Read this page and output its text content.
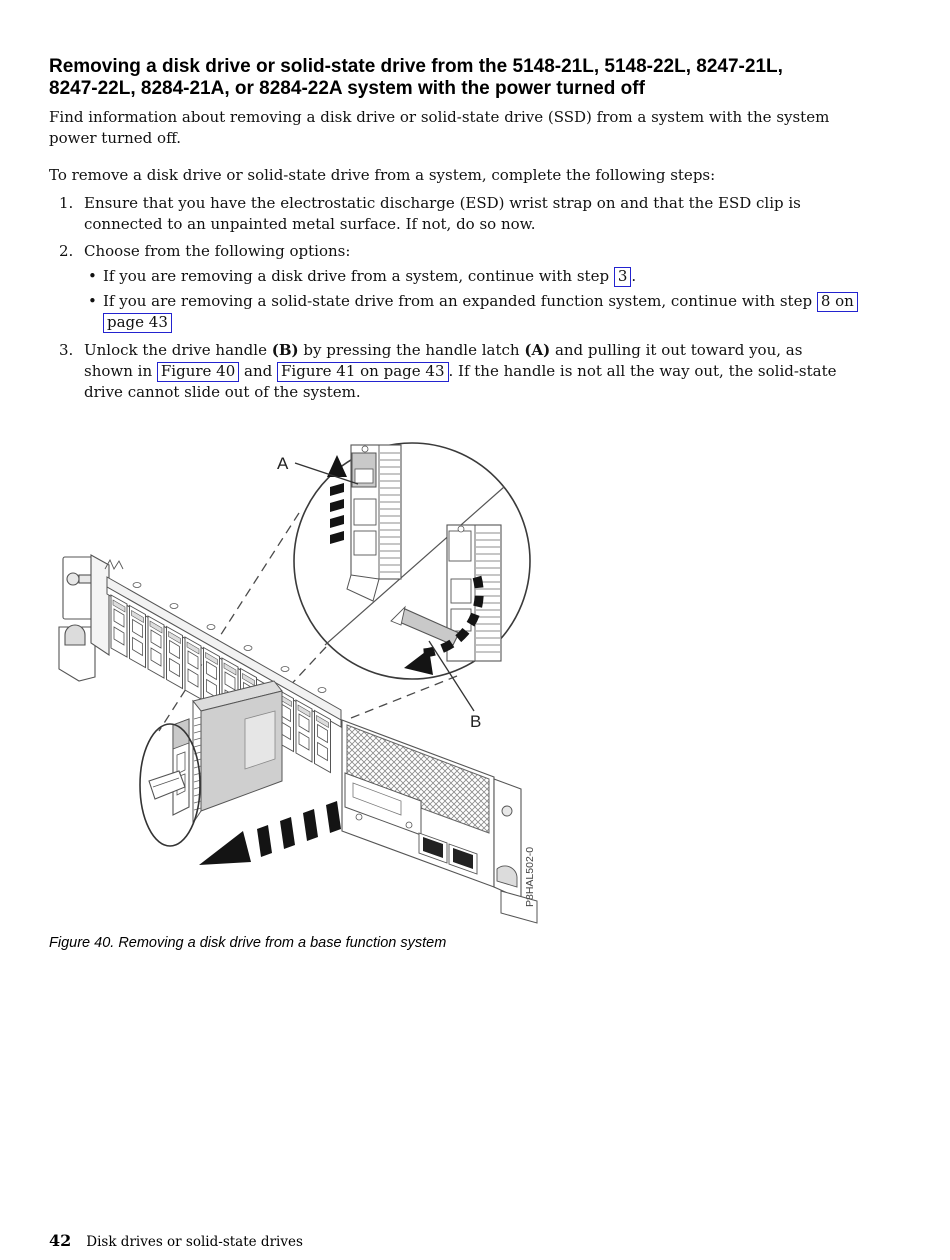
Removing a disk drive or solid-state drive from the 5148-21L, 5148-22L, 8247-21L,
8247-22L, 8284-21A, or 8284-22A system with the power turned off
Find information about removing a disk drive or solid-state drive (SSD) from a system with the system
power turned off.
To remove a disk drive or solid-state drive from a system, complete the following steps:
1. Ensure that you have the electrostatic discharge (ESD) wrist strap on and that the ESD clip is
connected to an unpainted metal surface. If not, do so now.
2. Choose from the following options:
• If you are removing a disk drive from a system, continue with step 3 .
• If you are removing a solid-state drive from an expanded function system, continue with step 8 on
page 43
3. Unlock the drive handle (B) by pressing the handle latch (A) and pulling it out toward you, as
shown in Figure 40 and Figure 41 on page 43 . If the handle is not all the way out, the solid-state
drive cannot slide out of the system.
A
B
P8HAL502-0
Figure 40. Removing a disk drive from a base function system
42 Disk drives or solid-state drives
